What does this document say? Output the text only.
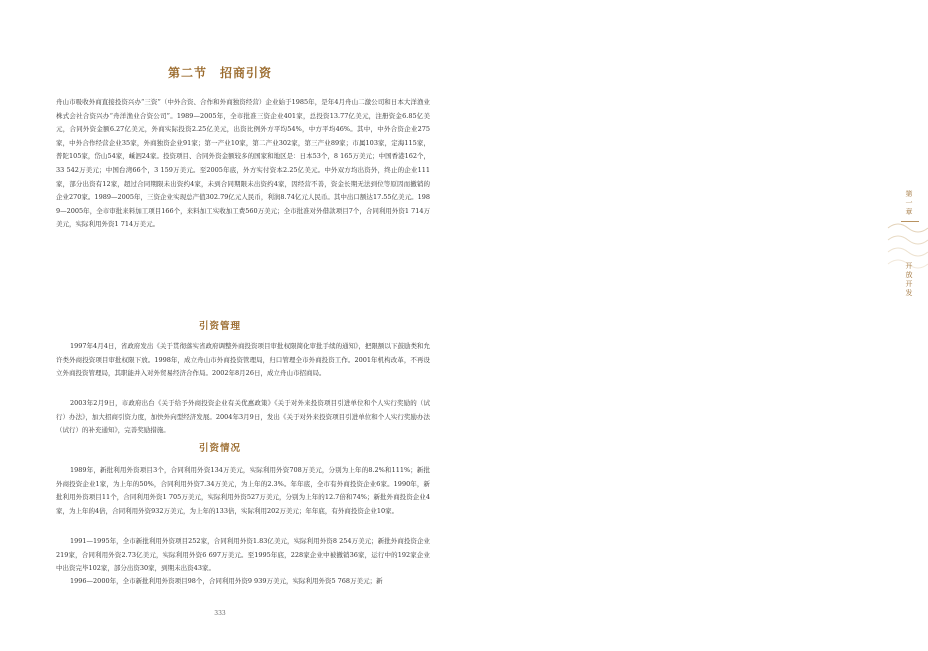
第二节　招商引资

舟山市吸收外商直接投资兴办“三资”（中外合资、合作和外商独资经营）企业始于1985年，是年4月舟山二激公司和日本大洋渔业株式会社合资兴办“舟洋渔业合资公司”。1989—2005年，全市批准三资企业401家，总投资13.77亿美元，注册资金6.85亿美元，合同外资金额6.27亿美元，外商实际投资2.25亿美元，出资比例外方平均54%，中方平均46%。其中，中外合资企业275家，中外合作经营企业35家，外商独资企业91家；第一产业10家，第二产业302家，第三产业89家；市属103家，定海115家，普陀105家，岱山54家，嵊泗24家。投资项目、合同外资金额较多的国家和地区是：日本53个，8 165万美元；中国香港162个，33 542万美元；中国台湾66个，3 159万美元。至2005年底，外方实付资本2.25亿美元。中外双方均出资外，终止的企业111家，部分出资有12家，超过合同期限未出资约4家，未到合同期限未出资约4家，因经营不善，资金长期无法到位等原因而撤销的企业270家。1989—2005年，三资企业实现总产值302.79亿元人民币，利润8.74亿元人民币。其中出口额达17.55亿美元。1989—2005年，全市审批来料加工项目166个，来料加工实收加工费560万美元；全市批准对外借款项目7个，合同利用外资1 714万美元，实际利用外资1 714万美元。

引资管理

1997年4月4日，省政府发出《关于贯彻落实省政府调整外商投资项目审批权限简化审批手续的通知》，把限额以下鼓励类和允许类外商投资项目审批权限下放。1998年，成立舟山市外商投资管理局，归口管理全市外商投资工作。2001年机构改革，不再设立外商投资管理局，其职能并入对外贸易经济合作局。2002年8月26日，成立舟山市招商局。

2003年2月9日，市政府出台《关于给予外商投资企业有关优惠政策》《关于对外来投资项目引进单位和个人实行奖励的（试行）办法》，加大招商引资力度，加快外向型经济发展。2004年3月9日，发出《关于对外来投资项目引进单位和个人实行奖励办法（试行）的补充通知》，完善奖励措施。

引资情况

1989年，新批利用外资项目3个，合同利用外资134万美元，实际利用外资708万美元，分别为上年的8.2%和111%；新批外商投资企业1家，为上年的50%，合同利用外资7.34万美元，为上年的2.3%。年年底，全市有外商投资企业6家。1990年，新批利用外资项目11个，合同利用外资1 705万美元，实际利用外资527万美元，分别为上年的12.7倍和74%；新批外商投资企业4家，为上年的4倍，合同利用外资932万美元，为上年的133倍，实际利用202万美元；年年底，有外商投资企业10家。

1991—1995年，全市新批利用外资项目252家，合同利用外资1.83亿美元，实际利用外资8 254万美元；新批外商投资企业219家，合同利用外资2.73亿美元，实际利用外资6 697万美元。至1995年底，228家企业中被撤销36家，运行中的192家企业中出资完毕102家，部分出资30家，到期未出资43家。

1996—2000年，全市新批利用外资项目98个，合同利用外资9 939万美元，实际利用外资5 768万美元；新

333
第一章
开放开发
